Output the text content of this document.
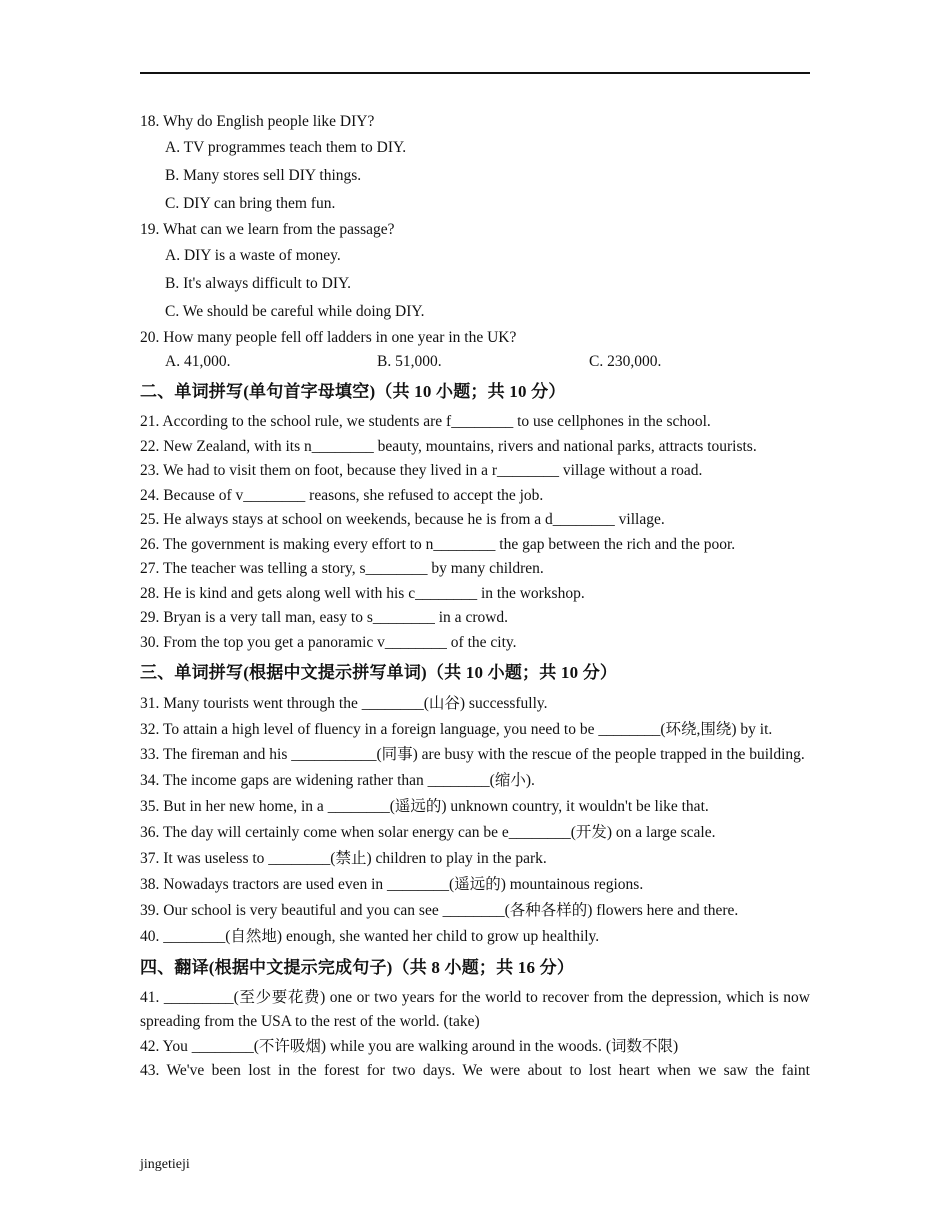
18. Why do English people like DIY?
A. TV programmes teach them to DIY.
B. Many stores sell DIY things.
C. DIY can bring them fun.
19. What can we learn from the passage?
A. DIY is a waste of money.
B. It's always difficult to DIY.
C. We should be careful while doing DIY.
20. How many people fell off ladders in one year in the UK?
A. 41,000.	B. 51,000.	C. 230,000.
二、单词拼写(单句首字母填空)（共 10 小题；共 10 分）
21. According to the school rule, we students are f________ to use cellphones in the school.
22. New Zealand, with its n________ beauty, mountains, rivers and national parks, attracts tourists.
23. We had to visit them on foot, because they lived in a r________ village without a road.
24. Because of v________ reasons, she refused to accept the job.
25. He always stays at school on weekends, because he is from a d________ village.
26. The government is making every effort to n________ the gap between the rich and the poor.
27. The teacher was telling a story, s________ by many children.
28. He is kind and gets along well with his c________ in the workshop.
29. Bryan is a very tall man, easy to s________ in a crowd.
30. From the top you get a panoramic v________ of the city.
三、单词拼写(根据中文提示拼写单词)（共 10 小题；共 10 分）
31. Many tourists went through the ________(山谷) successfully.
32. To attain a high level of fluency in a foreign language, you need to be ________(环绕,围绕) by it.
33. The fireman and his ___________(同事) are busy with the rescue of the people trapped in the building.
34. The income gaps are widening rather than ________(缩小).
35. But in her new home, in a ________(遥远的) unknown country, it wouldn't be like that.
36. The day will certainly come when solar energy can be e________(开发) on a large scale.
37. It was useless to ________(禁止) children to play in the park.
38. Nowadays tractors are used even in ________(遥远的) mountainous regions.
39. Our school is very beautiful and you can see ________(各种各样的) flowers here and there.
40. ________(自然地) enough, she wanted her child to grow up healthily.
四、翻译(根据中文提示完成句子)（共 8 小题；共 16 分）
41. _________(至少要花费) one or two years for the world to recover from the depression, which is now spreading from the USA to the rest of the world. (take)
42. You ________(不许吸烟) while you are walking around in the woods. (词数不限)
43. We've been lost in the forest for two days. We were about to lost heart when we saw the faint
jingetieji
